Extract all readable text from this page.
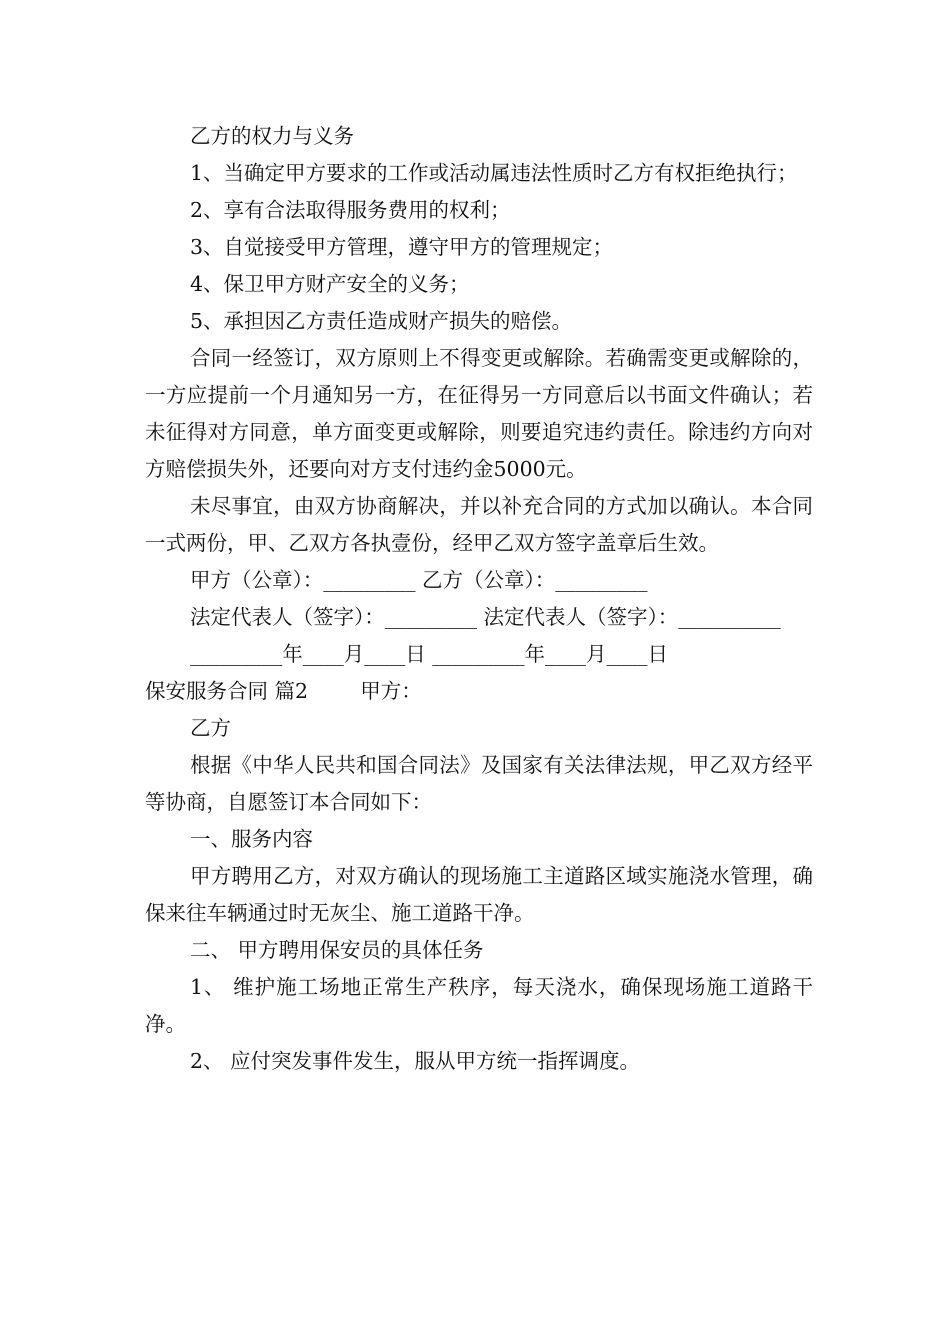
乙方的权力与义务

1、当确定甲方要求的工作或活动属违法性质时乙方有权拒绝执行；

2、享有合法取得服务费用的权利；

3、自觉接受甲方管理，遵守甲方的管理规定；

4、保卫甲方财产安全的义务；

5、承担因乙方责任造成财产损失的赔偿。

合同一经签订，双方原则上不得变更或解除。若确需变更或解除的，一方应提前一个月通知另一方，在征得另一方同意后以书面文件确认；若未征得对方同意，单方面变更或解除，则要追究违约责任。除违约方向对方赔偿损失外，还要向对方支付违约金5000元。

未尽事宜，由双方协商解决，并以补充合同的方式加以确认。本合同一式两份，甲、乙双方各执壹份，经甲乙双方签字盖章后生效。

甲方（公章）：_________ 乙方（公章）：_________

法定代表人（签字）：_________ 法定代表人（签字）：__________

_________年____月____日 _________年____月____日

保安服务合同 篇2        甲方：

乙方

根据《中华人民共和国合同法》及国家有关法律法规，甲乙双方经平等协商，自愿签订本合同如下：

一、服务内容

甲方聘用乙方，对双方确认的现场施工主道路区域实施浇水管理，确保来往车辆通过时无灰尘、施工道路干净。

二、 甲方聘用保安员的具体任务

1、 维护施工场地正常生产秩序，每天浇水，确保现场施工道路干净。

2、 应付突发事件发生，服从甲方统一指挥调度。
